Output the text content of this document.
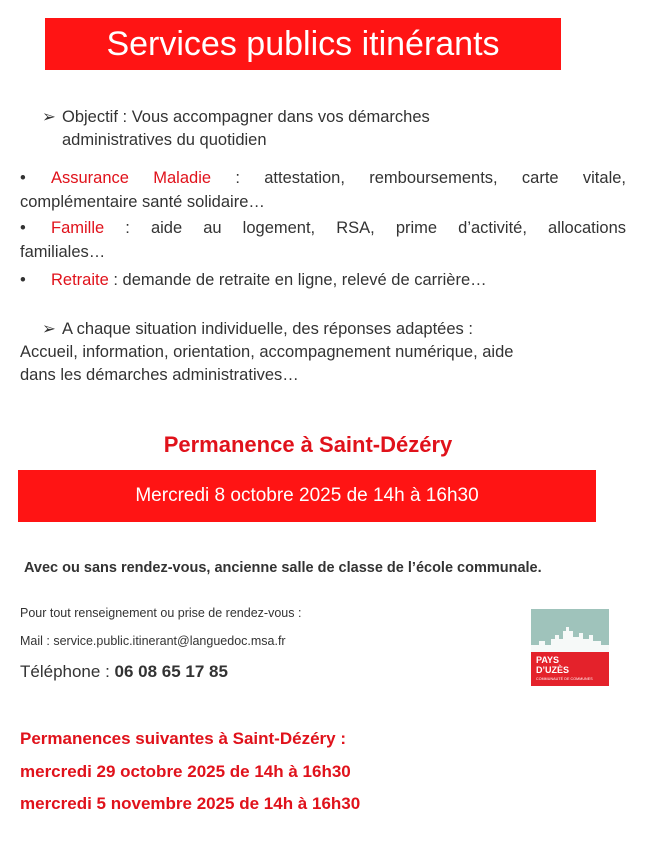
Services publics itinérants
➢ Objectif : Vous accompagner dans vos démarches
administratives du quotidien
• Assurance Maladie : attestation, remboursements, carte vitale,
complémentaire santé solidaire…
• Famille : aide au logement, RSA, prime d’activité, allocations
familiales…
• Retraite : demande de retraite en ligne, relevé de carrière…
➢ A chaque situation individuelle, des réponses adaptées :
Accueil, information, orientation, accompagnement numérique, aide
dans les démarches administratives…
Permanence à Saint-Dézéry
Mercredi 8 octobre 2025 de 14h à 16h30
Avec ou sans rendez-vous, ancienne salle de classe de l’école communale.
Pour tout renseignement ou prise de rendez-vous :
Mail : service.public.itinerant@languedoc.msa.fr
Téléphone : 06 08 65 17 85
PAYS
D’UZÈS
COMMUNAUTÉ DE COMMUNES
Permanences suivantes à Saint-Dézéry :
mercredi 29 octobre 2025 de 14h à 16h30
mercredi 5 novembre 2025 de 14h à 16h30
